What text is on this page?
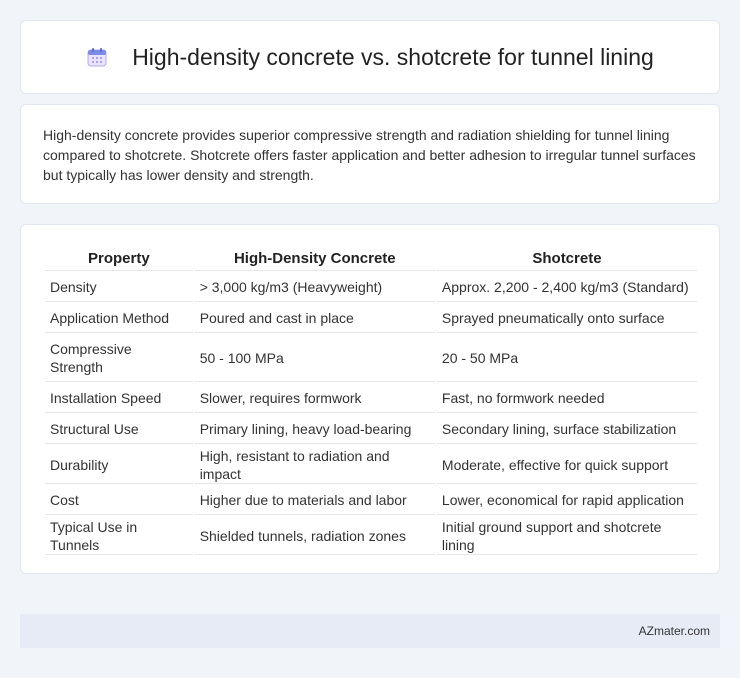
High-density concrete vs. shotcrete for tunnel lining

High-density concrete provides superior compressive strength and radiation shielding for tunnel lining compared to shotcrete. Shotcrete offers faster application and better adhesion to irregular tunnel surfaces but typically has lower density and strength.

Property	High-Density Concrete	Shotcrete
Density	> 3,000 kg/m3 (Heavyweight)	Approx. 2,200 - 2,400 kg/m3 (Standard)
Application Method	Poured and cast in place	Sprayed pneumatically onto surface
Compressive Strength	50 - 100 MPa	20 - 50 MPa
Installation Speed	Slower, requires formwork	Fast, no formwork needed
Structural Use	Primary lining, heavy load-bearing	Secondary lining, surface stabilization
Durability	High, resistant to radiation and impact	Moderate, effective for quick support
Cost	Higher due to materials and labor	Lower, economical for rapid application
Typical Use in Tunnels	Shielded tunnels, radiation zones	Initial ground support and shotcrete lining
AZmater.com
